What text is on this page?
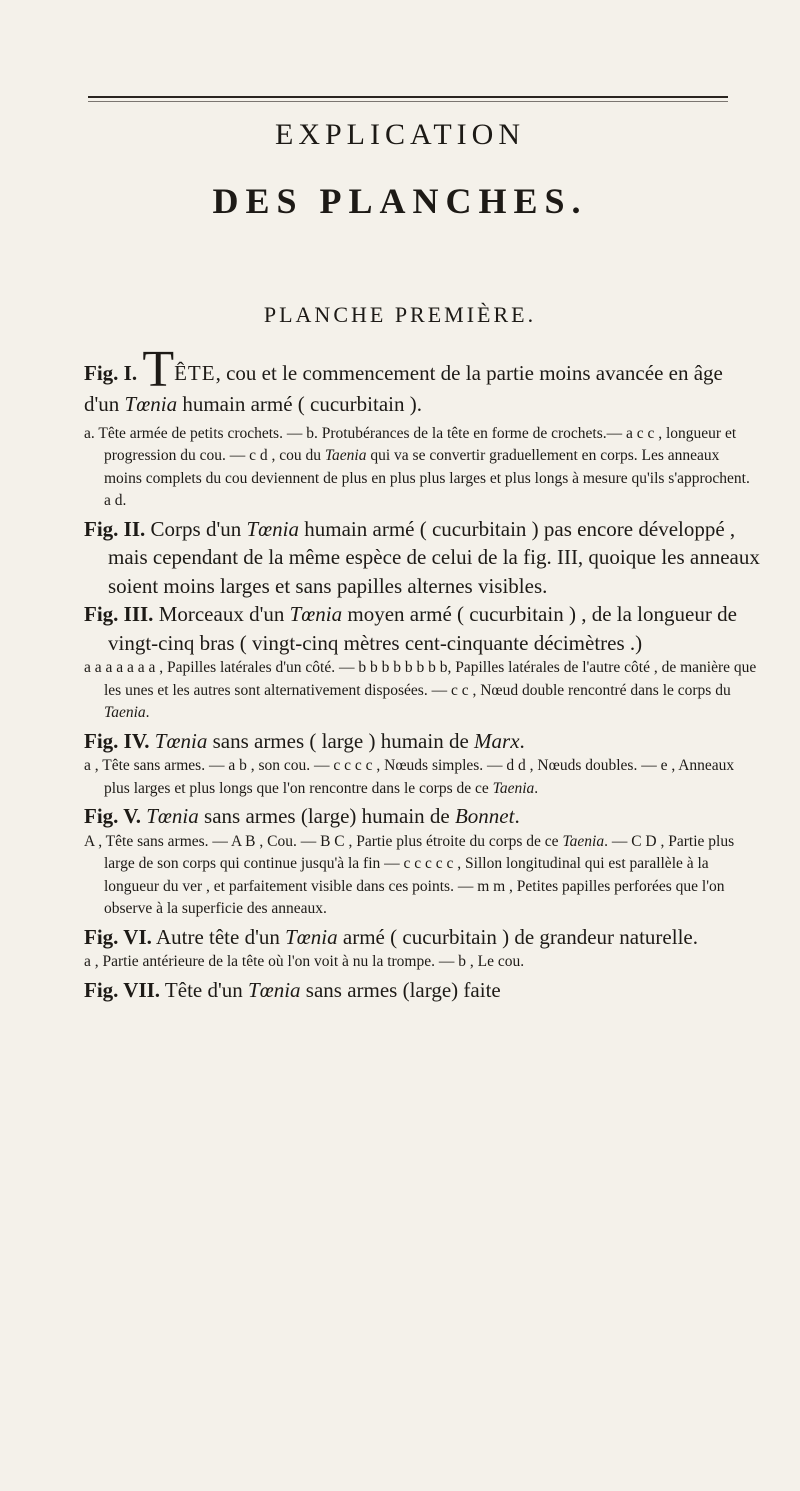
EXPLICATION
DES PLANCHES.
PLANCHE PREMIÈRE.

Fig. I. TÊTE, cou et le commencement de la partie moins avancée en âge d'un Tœnia humain armé ( cucurbitain ).

a. Tête armée de petits crochets. — b. Protubérances de la tête en forme de crochets.— a c c , longueur et progression du cou. — c d , cou du Taenia qui va se convertir graduellement en corps. Les anneaux moins complets du cou deviennent de plus en plus plus larges et plus longs à mesure qu'ils s'approchent. a d.

Fig. II. Corps d'un Tœnia humain armé ( cucurbitain ) pas encore développé , mais cependant de la même espèce de celui de la fig. III, quoique les anneaux soient moins larges et sans papilles alternes visibles.

Fig. III. Morceaux d'un Tœnia moyen armé ( cucurbitain ) , de la longueur de vingt-cinq bras ( vingt-cinq mètres cent-cinquante décimètres .)

a a a a a a a , Papilles latérales d'un côté. — b b b b b b b b, Papilles latérales de l'autre côté , de manière que les unes et les autres sont alternativement disposées. — c c , Nœud double rencontré dans le corps du Taenia.

Fig. IV. Tœnia sans armes ( large ) humain de Marx.

a , Tête sans armes. — a b , son cou. — c c c c , Nœuds simples. — d d , Nœuds doubles. — e , Anneaux plus larges et plus longs que l'on rencontre dans le corps de ce Taenia.

Fig. V. Tœnia sans armes (large) humain de Bonnet.

A , Tête sans armes. — A B , Cou. — B C , Partie plus étroite du corps de ce Taenia. — C D , Partie plus large de son corps qui continue jusqu'à la fin — c c c c c , Sillon longitudinal qui est parallèle à la longueur du ver , et parfaitement visible dans ces points. — m m , Petites papilles perforées que l'on observe à la superficie des anneaux.

Fig. VI. Autre tête d'un Tœnia armé ( cucurbitain ) de grandeur naturelle.

a , Partie antérieure de la tête où l'on voit à nu la trompe. — b , Le cou.

Fig. VII. Tête d'un Tœnia sans armes (large) faite
